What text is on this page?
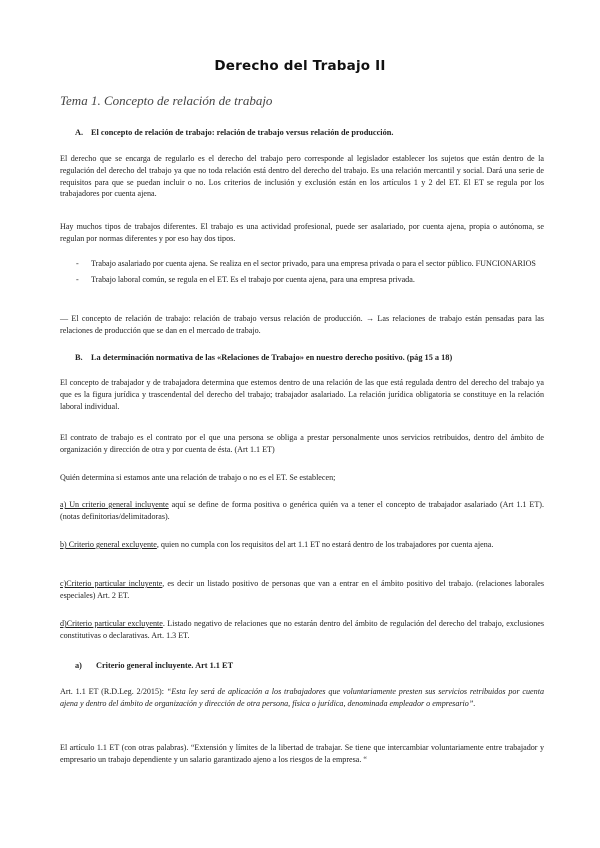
Derecho del Trabajo II
Tema 1. Concepto de relación de trabajo
A. El concepto de relación de trabajo: relación de trabajo versus relación de producción.
El derecho que se encarga de regularlo es el derecho del trabajo pero corresponde al legislador establecer los sujetos que están dentro de la regulación del derecho del trabajo ya que no toda relación está dentro del derecho del trabajo. Es una relación mercantil y social. Dará una serie de requisitos para que se puedan incluir o no. Los criterios de inclusión y exclusión están en los artículos 1 y 2 del ET. El ET se regula por los trabajadores por cuenta ajena.
Hay muchos tipos de trabajos diferentes. El trabajo es una actividad profesional, puede ser asalariado, por cuenta ajena, propia o autónoma, se regulan por normas diferentes y por eso hay dos tipos.
-	Trabajo asalariado por cuenta ajena. Se realiza en el sector privado, para una empresa privada o para el sector público. FUNCIONARIOS
-	Trabajo laboral común, se regula en el ET. Es el trabajo por cuenta ajena, para una empresa privada.
— El concepto de relación de trabajo: relación de trabajo versus relación de producción. → Las relaciones de trabajo están pensadas para las relaciones de producción que se dan en el mercado de trabajo.
B. La determinación normativa de las «Relaciones de Trabajo» en nuestro derecho positivo. (pág 15 a 18)
El concepto de trabajador y de trabajadora determina que estemos dentro de una relación de las que está regulada dentro del derecho del trabajo ya que es la figura jurídica y trascendental del derecho del trabajo; trabajador asalariado. La relación jurídica obligatoria se constituye en la relación laboral individual.
El contrato de trabajo es el contrato por el que una persona se obliga a prestar personalmente unos servicios retribuidos, dentro del ámbito de organización y dirección de otra y por cuenta de ésta. (Art 1.1 ET)
Quién determina si estamos ante una relación de trabajo o no es el ET. Se establecen;
a) Un criterio general incluyente aquí se define de forma positiva o genérica quién va a tener el concepto de trabajador asalariado (Art 1.1 ET). (notas definitorias/delimitadoras).
b) Criterio general excluyente, quien no cumpla con los requisitos del art 1.1 ET no estará dentro de los trabajadores por cuenta ajena.
c)Criterio particular incluyente, es decir un listado positivo de personas que van a entrar en el ámbito positivo del trabajo. (relaciones laborales especiales) Art. 2 ET.
d)Criterio particular excluyente. Listado negativo de relaciones que no estarán dentro del ámbito de regulación del derecho del trabajo, exclusiones constitutivas o declarativas. Art. 1.3 ET.
a) Criterio general incluyente. Art 1.1 ET
Art. 1.1 ET (R.D.Leg. 2/2015): “Esta ley será de aplicación a los trabajadores que voluntariamente presten sus servicios retribuidos por cuenta ajena y dentro del ámbito de organización y dirección de otra persona, física o jurídica, denominada empleador o empresario”.
El artículo 1.1 ET (con otras palabras). “Extensión y límites de la libertad de trabajar. Se tiene que intercambiar voluntariamente entre trabajador y empresario un trabajo dependiente y un salario garantizado ajeno a los riesgos de la empresa. “
